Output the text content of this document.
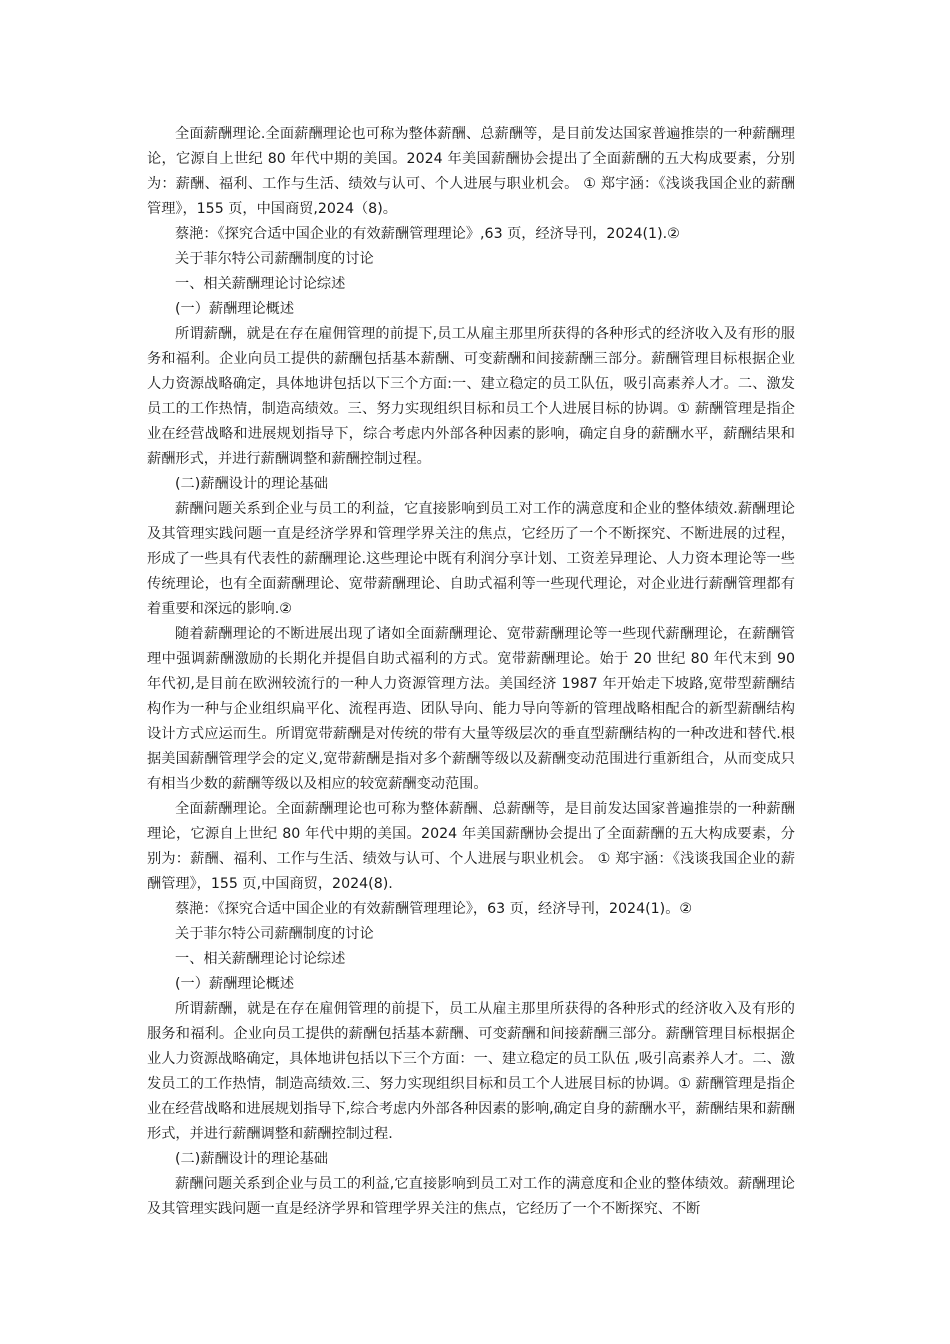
全面薪酬理论.全面薪酬理论也可称为整体薪酬、总薪酬等，是目前发达国家普遍推崇的一种薪酬理论，它源自上世纪 80 年代中期的美国。2024 年美国薪酬协会提出了全面薪酬的五大构成要素，分别为：薪酬、福利、工作与生活、绩效与认可、个人进展与职业机会。 ① 郑宇涵：《浅谈我国企业的薪酬管理》，155 页，中国商贸,2024（8)。

蔡滟：《探究合适中国企业的有效薪酬管理理论》,63 页，经济导刊，2024(1).②

关于菲尔特公司薪酬制度的讨论

一、相关薪酬理论讨论综述

(一）薪酬理论概述

所谓薪酬，就是在存在雇佣管理的前提下,员工从雇主那里所获得的各种形式的经济收入及有形的服务和福利。企业向员工提供的薪酬包括基本薪酬、可变薪酬和间接薪酬三部分。薪酬管理目标根据企业人力资源战略确定，具体地讲包括以下三个方面:一、建立稳定的员工队伍，吸引高素养人才。二、激发员工的工作热情，制造高绩效。三、努力实现组织目标和员工个人进展目标的协调。① 薪酬管理是指企业在经营战略和进展规划指导下，综合考虑内外部各种因素的影响，确定自身的薪酬水平，薪酬结果和薪酬形式，并进行薪酬调整和薪酬控制过程。

(二)薪酬设计的理论基础

薪酬问题关系到企业与员工的利益，它直接影响到员工对工作的满意度和企业的整体绩效.薪酬理论及其管理实践问题一直是经济学界和管理学界关注的焦点，它经历了一个不断探究、不断进展的过程，形成了一些具有代表性的薪酬理论.这些理论中既有利润分享计划、工资差异理论、人力资本理论等一些传统理论，也有全面薪酬理论、宽带薪酬理论、自助式福利等一些现代理论，对企业进行薪酬管理都有着重要和深远的影响.②

随着薪酬理论的不断进展出现了诸如全面薪酬理论、宽带薪酬理论等一些现代薪酬理论，在薪酬管理中强调薪酬激励的长期化并提倡自助式福利的方式。宽带薪酬理论。始于 20 世纪 80 年代末到 90 年代初,是目前在欧洲较流行的一种人力资源管理方法。美国经济 1987 年开始走下坡路,宽带型薪酬结构作为一种与企业组织扁平化、流程再造、团队导向、能力导向等新的管理战略相配合的新型薪酬结构设计方式应运而生。所谓宽带薪酬是对传统的带有大量等级层次的垂直型薪酬结构的一种改进和替代.根据美国薪酬管理学会的定义,宽带薪酬是指对多个薪酬等级以及薪酬变动范围进行重新组合，从而变成只有相当少数的薪酬等级以及相应的较宽薪酬变动范围。

全面薪酬理论。全面薪酬理论也可称为整体薪酬、总薪酬等，是目前发达国家普遍推崇的一种薪酬理论，它源自上世纪 80 年代中期的美国。2024 年美国薪酬协会提出了全面薪酬的五大构成要素，分别为：薪酬、福利、工作与生活、绩效与认可、个人进展与职业机会。 ① 郑宇涵：《浅谈我国企业的薪酬管理》，155 页,中国商贸，2024(8).

蔡滟：《探究合适中国企业的有效薪酬管理理论》，63 页，经济导刊，2024(1)。②

关于菲尔特公司薪酬制度的讨论

一、相关薪酬理论讨论综述

(一）薪酬理论概述

所谓薪酬，就是在存在雇佣管理的前提下，员工从雇主那里所获得的各种形式的经济收入及有形的服务和福利。企业向员工提供的薪酬包括基本薪酬、可变薪酬和间接薪酬三部分。薪酬管理目标根据企业人力资源战略确定，具体地讲包括以下三个方面：一、建立稳定的员工队伍 ,吸引高素养人才。二、激发员工的工作热情，制造高绩效.三、努力实现组织目标和员工个人进展目标的协调。① 薪酬管理是指企业在经营战略和进展规划指导下,综合考虑内外部各种因素的影响,确定自身的薪酬水平，薪酬结果和薪酬形式，并进行薪酬调整和薪酬控制过程.

(二)薪酬设计的理论基础

薪酬问题关系到企业与员工的利益,它直接影响到员工对工作的满意度和企业的整体绩效。薪酬理论及其管理实践问题一直是经济学界和管理学界关注的焦点，它经历了一个不断探究、不断
